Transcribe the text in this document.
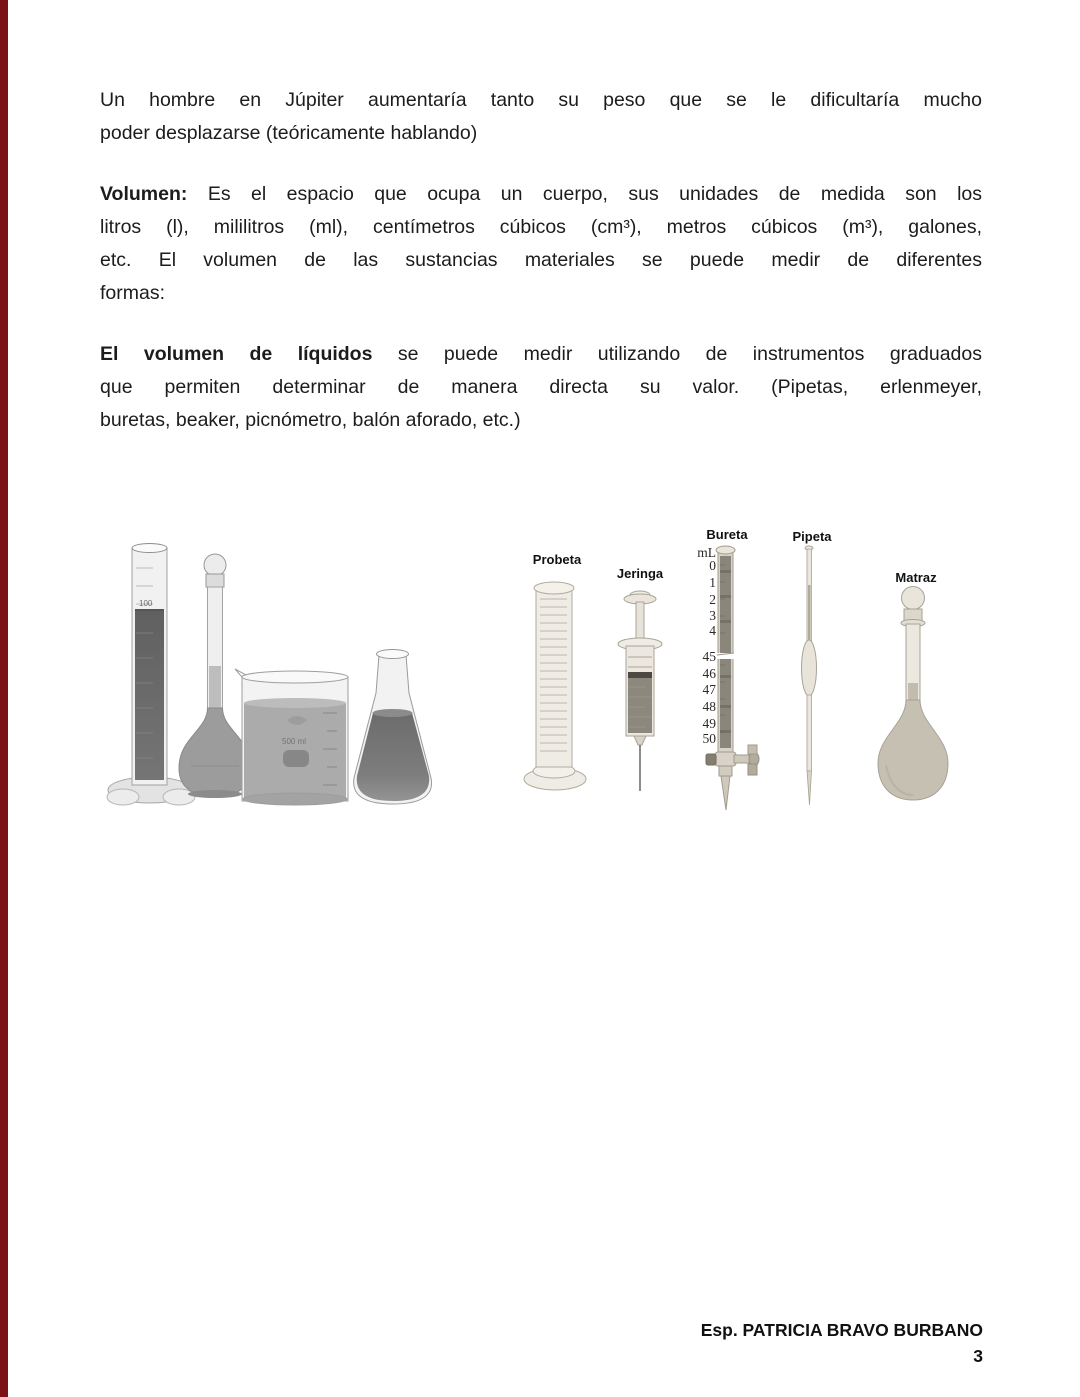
Un hombre en Júpiter aumentaría tanto su peso que se le dificultaría mucho
poder desplazarse (teóricamente hablando)
Volumen: Es el espacio que ocupa un cuerpo, sus unidades de medida son los
litros (l), mililitros (ml), centímetros cúbicos (cm³), metros cúbicos (m³), galones,
etc. El volumen de las sustancias materiales se puede medir de diferentes
formas:
El volumen de líquidos se puede medir utilizando de instrumentos graduados
que permiten determinar de manera directa su valor. (Pipetas, erlenmeyer,
buretas, beaker, picnómetro, balón aforado, etc.)
100
500 ml
Probeta
Jeringa
Bureta	Pipeta
Matraz
mL
0
1
2
3
4
45
46
47
48
49
50
Esp. PATRICIA BRAVO BURBANO
3
